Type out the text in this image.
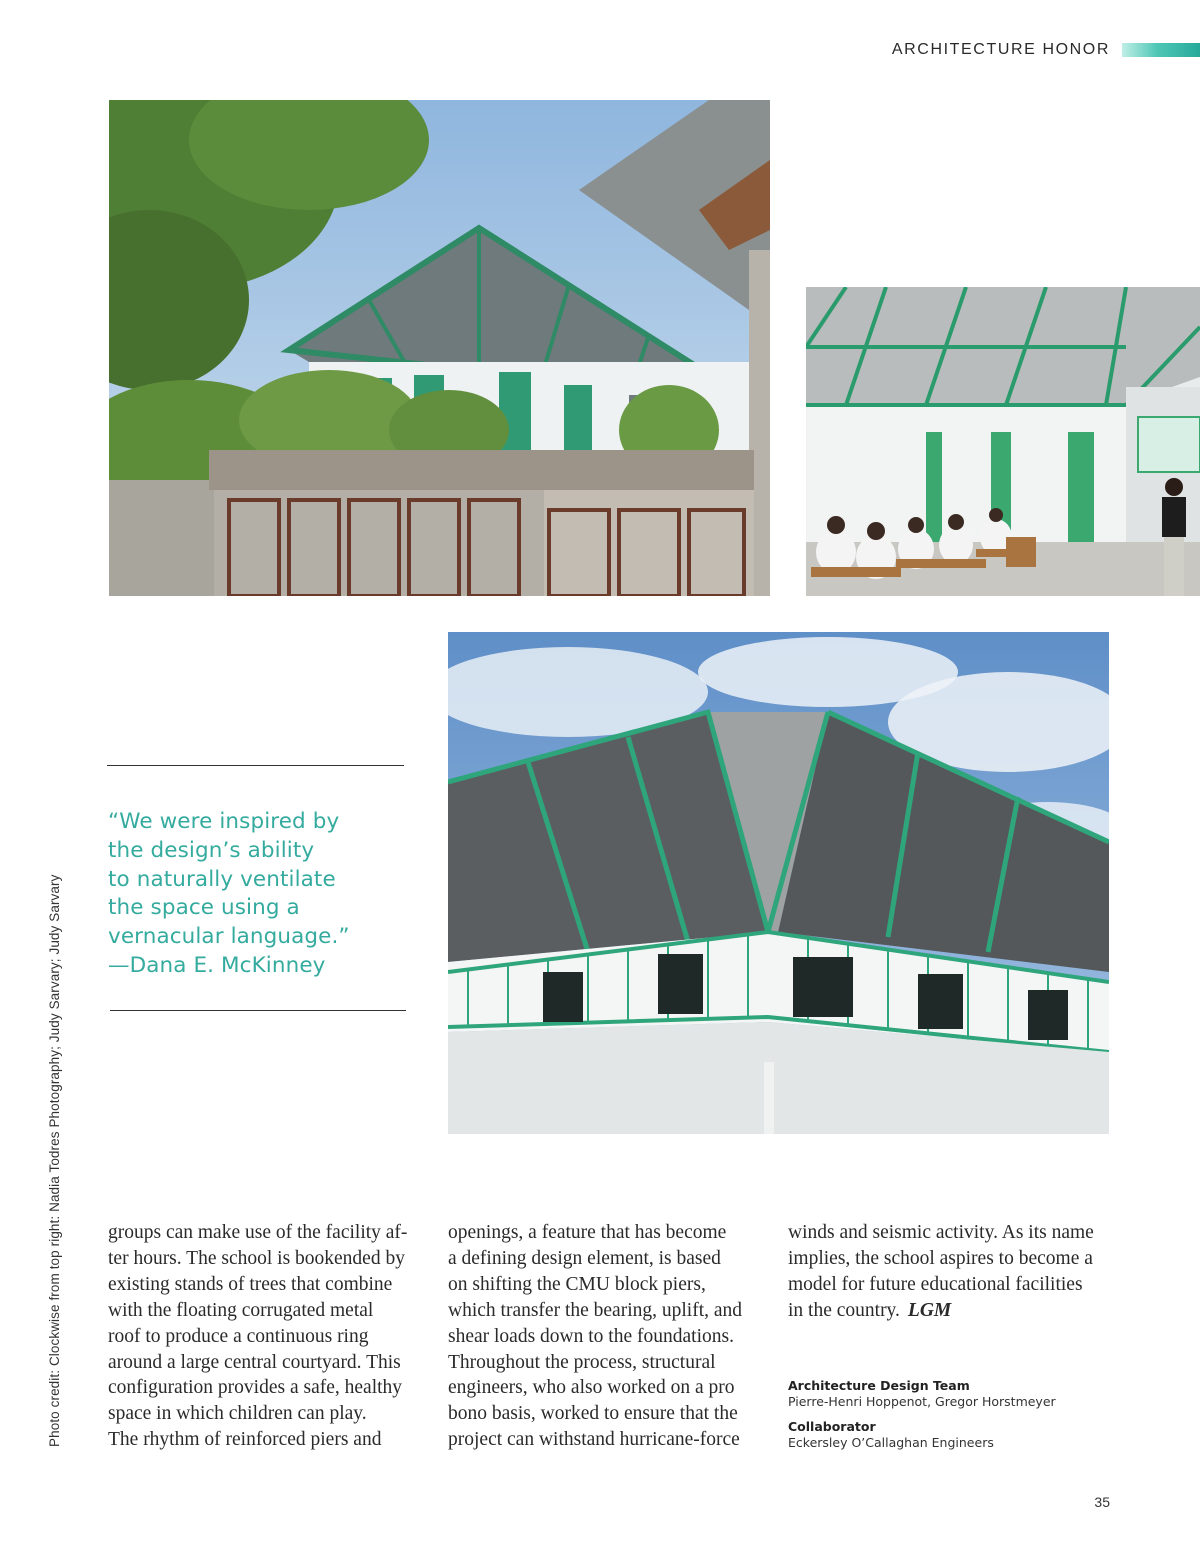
ARCHITECTURE HONOR
“We were inspired by
the design’s ability
to naturally ventilate
the space using a
vernacular language.”
—Dana E. McKinney
Photo credit: Clockwise from top right: Nadia Todres Photography; Judy Sarvary; Judy Sarvary groups can make use of the facility af-
ter hours. The school is bookended by
existing stands of trees that combine
with the floating corrugated metal
roof to produce a continuous ring
around a large central courtyard. This
configuration provides a safe, healthy
space in which children can play.
The rhythm of reinforced piers and
openings, a feature that has become
a defining design element, is based
on shifting the CMU block piers,
which transfer the bearing, uplift, and
shear loads down to the foundations.
Throughout the process, structural
engineers, who also worked on a pro
bono basis, worked to ensure that the
project can withstand hurricane-force
winds and seismic activity. As its name
implies, the school aspires to become a
model for future educational facilities
in the country. LGM
Architecture Design Team
Pierre-Henri Hoppenot, Gregor Horstmeyer
Collaborator
Eckersley O’Callaghan Engineers
35
